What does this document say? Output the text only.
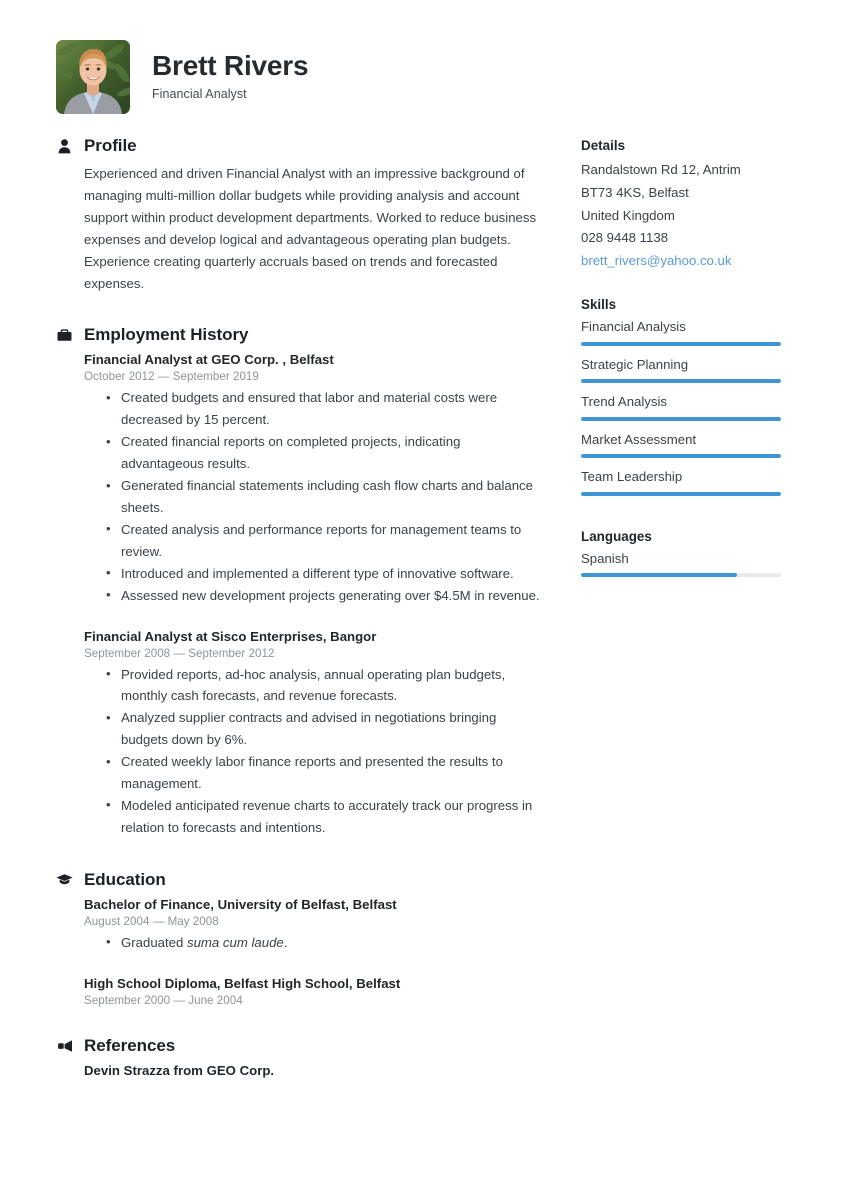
Brett Rivers
Financial Analyst
Profile
Experienced and driven Financial Analyst with an impressive background of managing multi-million dollar budgets while providing analysis and account support within product development departments. Worked to reduce business expenses and develop logical and advantageous operating plan budgets. Experience creating quarterly accruals based on trends and forecasted expenses.
Employment History
Financial Analyst at GEO Corp. , Belfast
October 2012 — September 2019
• Created budgets and ensured that labor and material costs were decreased by 15 percent.
• Created financial reports on completed projects, indicating advantageous results.
• Generated financial statements including cash flow charts and balance sheets.
• Created analysis and performance reports for management teams to review.
• Introduced and implemented a different type of innovative software.
• Assessed new development projects generating over $4.5M in revenue.
Financial Analyst at Sisco Enterprises, Bangor
September 2008 — September 2012
• Provided reports, ad-hoc analysis, annual operating plan budgets, monthly cash forecasts, and revenue forecasts.
• Analyzed supplier contracts and advised in negotiations bringing budgets down by 6%.
• Created weekly labor finance reports and presented the results to management.
• Modeled anticipated revenue charts to accurately track our progress in relation to forecasts and intentions.
Education
Bachelor of Finance, University of Belfast, Belfast
August 2004 — May 2008
• Graduated suma cum laude.
High School Diploma, Belfast High School, Belfast
September 2000 — June 2004
References
Devin Strazza from GEO Corp.
Details
Randalstown Rd 12, Antrim
BT73 4KS, Belfast
United Kingdom
028 9448 1138
brett_rivers@yahoo.co.uk
Skills
Financial Analysis
Strategic Planning
Trend Analysis
Market Assessment
Team Leadership
Languages
Spanish
